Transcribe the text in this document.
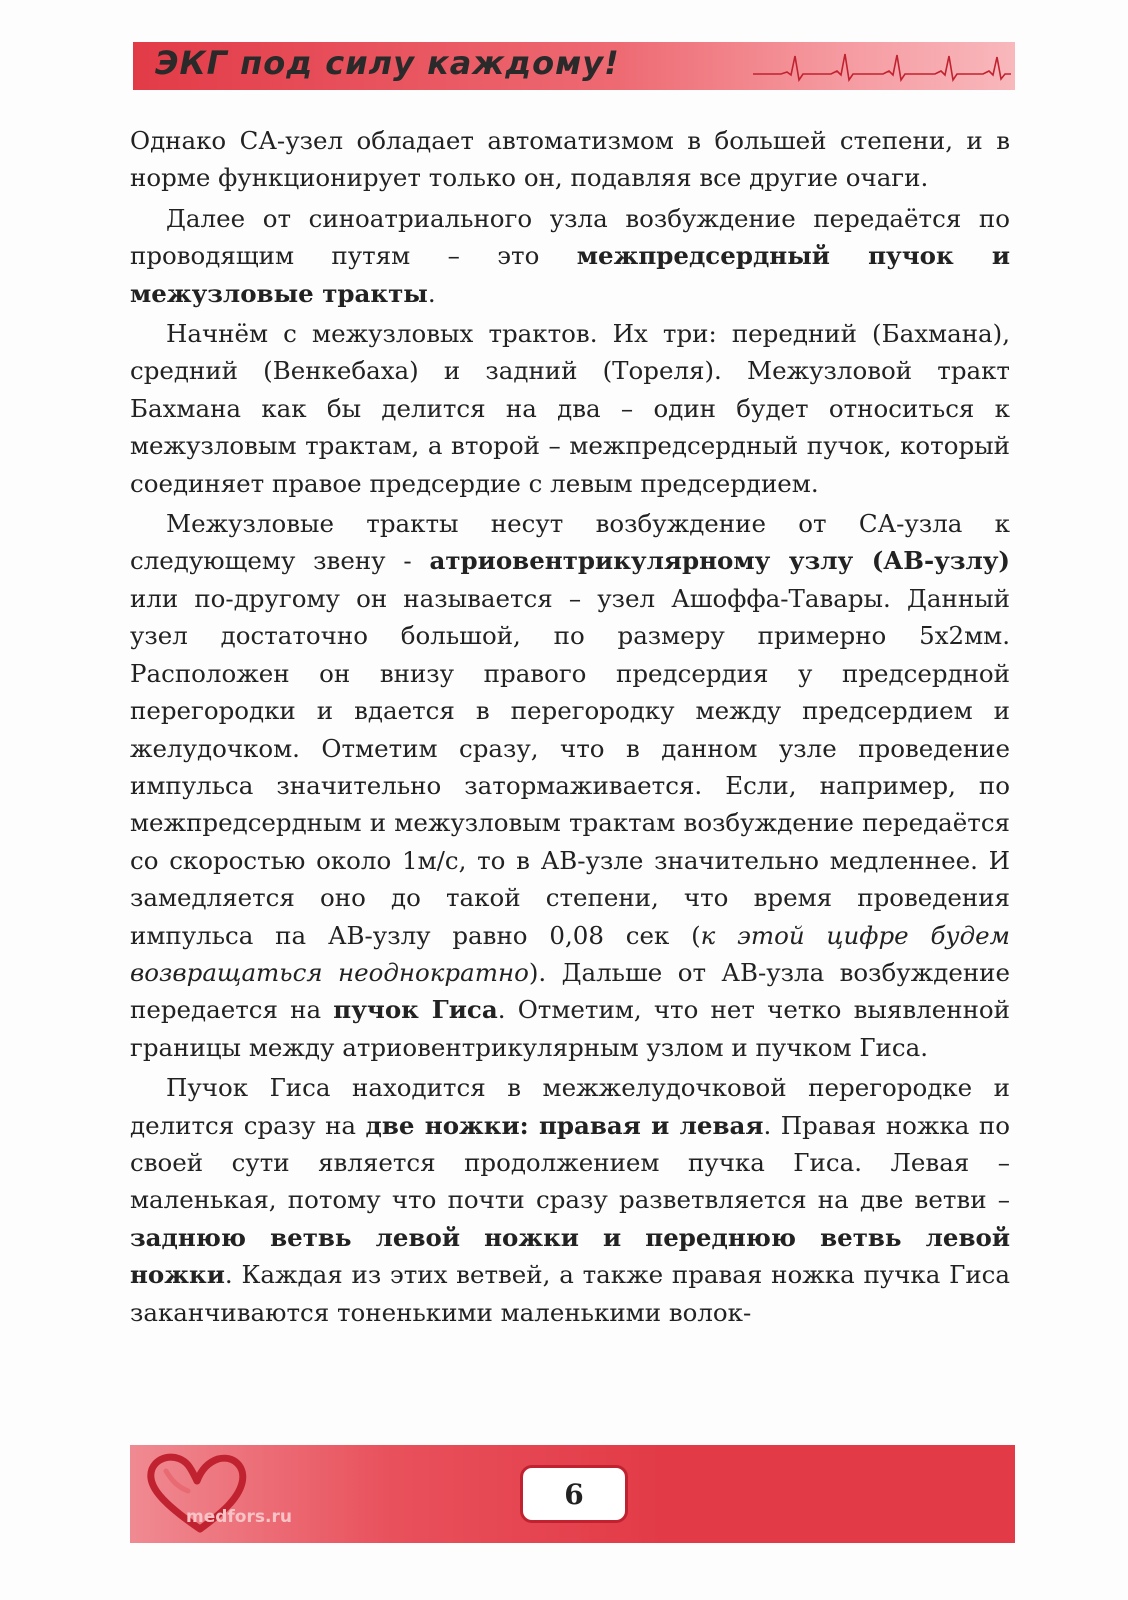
ЭКГ под силу каждому!

Однако СА-узел обладает автоматизмом в большей степени, и в норме функционирует только он, подавляя все другие очаги.

Далее от синоатриального узла возбуждение передаётся по проводящим путям – это межпредсердный пучок и межузловые тракты.

Начнём с межузловых трактов. Их три: передний (Бахмана), средний (Венкебаха) и задний (Тореля). Межузловой тракт Бахмана как бы делится на два – один будет относиться к межузловым трактам, а второй – межпредсердный пучок, который соединяет правое предсердие с левым предсердием.

Межузловые тракты несут возбуждение от СА-узла к следующему звену - атриовентрикулярному узлу (АВ-узлу) или по-другому он называется – узел Ашоффа-Тавары. Данный узел достаточно большой, по размеру примерно 5х2мм. Расположен он внизу правого предсердия у предсердной перегородки и вдается в перегородку между предсердием и желудочком. Отметим сразу, что в данном узле проведение импульса значительно затормаживается. Если, например, по межпредсердным и межузловым трактам возбуждение передаётся со скоростью около 1м/с, то в АВ-узле значительно медленнее. И замедляется оно до такой степени, что время проведения импульса па АВ-узлу равно 0,08 сек (к этой цифре будем возвращаться неоднократно). Дальше от АВ-узла возбуждение передается на пучок Гиса. Отметим, что нет четко выявленной границы между атриовентрикулярным узлом и пучком Гиса.

Пучок Гиса находится в межжелудочковой перегородке и делится сразу на две ножки: правая и левая. Правая ножка по своей сути является продолжением пучка Гиса. Левая – маленькая, потому что почти сразу разветвляется на две ветви – заднюю ветвь левой ножки и переднюю ветвь левой ножки. Каждая из этих ветвей, а также правая ножка пучка Гиса заканчиваются тоненькими маленькими волок-

medfors.ru
6
